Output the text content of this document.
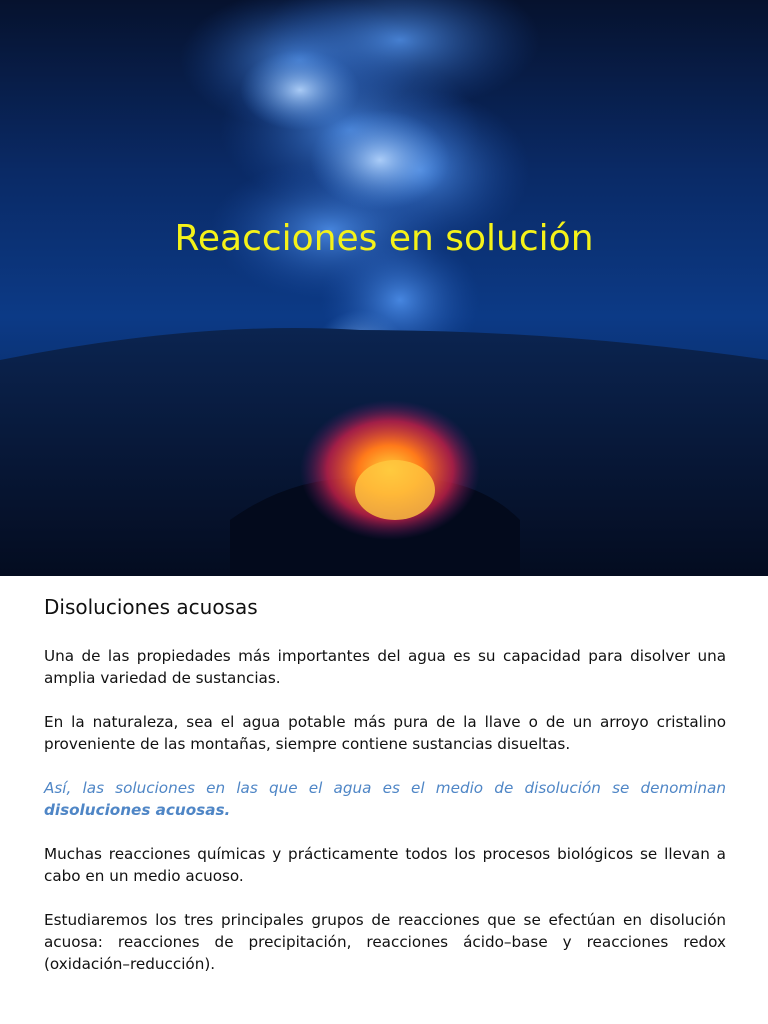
Reacciones en solución
Disoluciones acuosas

Una de las propiedades más importantes del agua es su capacidad para disolver una amplia variedad de sustancias.

En la naturaleza, sea el agua potable más pura de la llave o de un arroyo cristalino proveniente de las montañas, siempre contiene sustancias disueltas.

Así, las soluciones en las que el agua es el medio de disolución se denominan disoluciones acuosas.

Muchas reacciones químicas y prácticamente todos los procesos biológicos se llevan a cabo en un medio acuoso.

Estudiaremos los tres principales grupos de reacciones que se efectúan en disolución acuosa: reacciones de precipitación, reacciones ácido–base y reacciones redox (oxidación–reducción).
